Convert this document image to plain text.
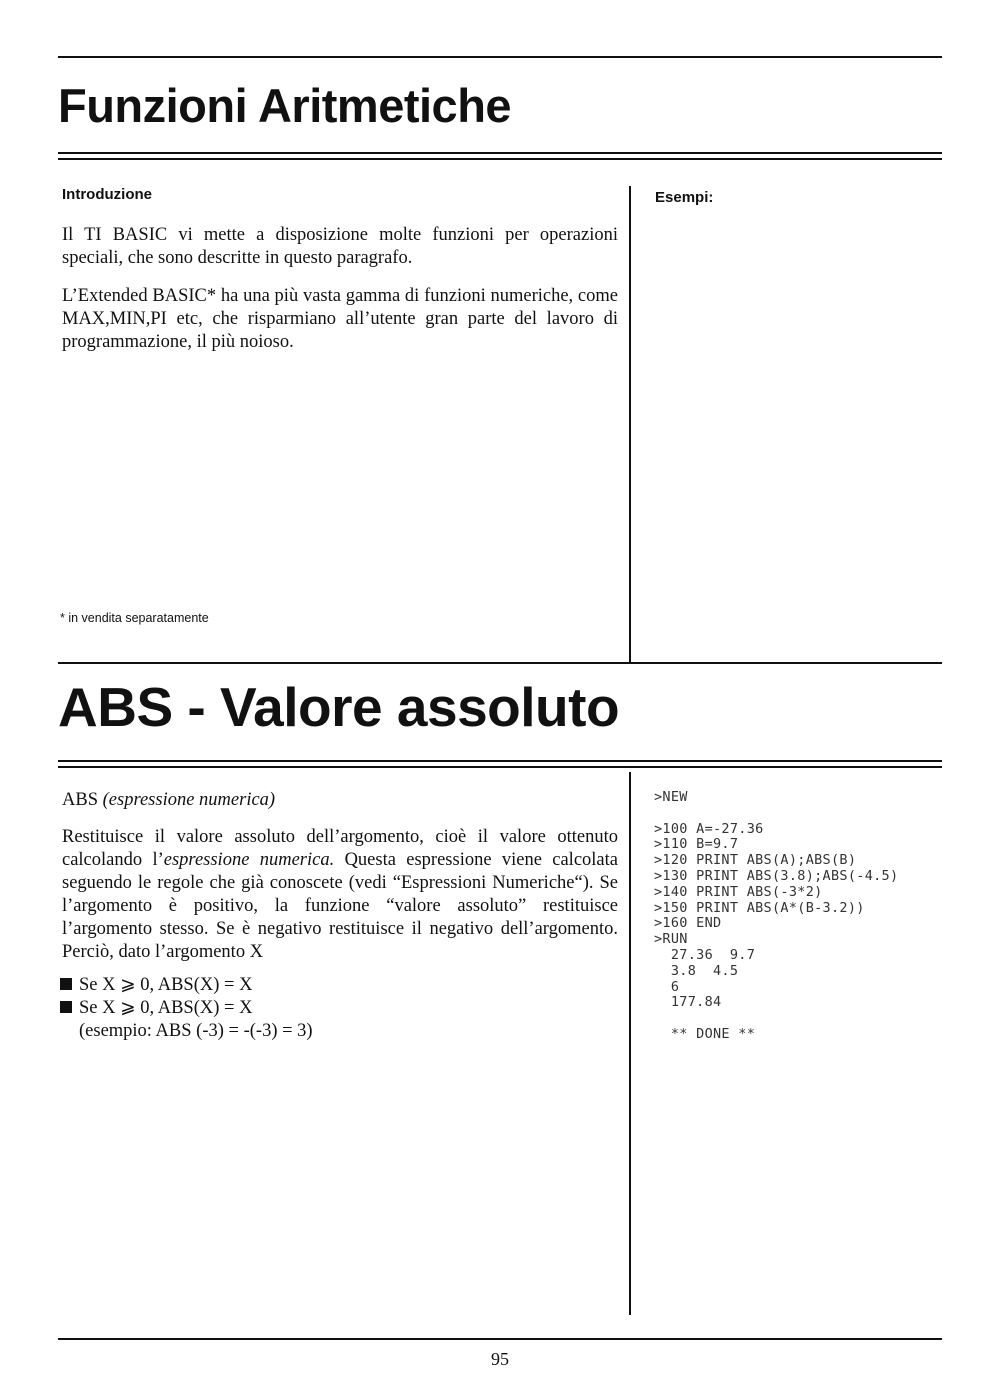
Funzioni Aritmetiche
Introduzione	Esempi:

Il TI BASIC vi mette a disposizione molte funzioni per operazioni speciali, che sono descritte in questo paragrafo.

L’Extended BASIC* ha una più vasta gamma di funzioni numeriche, come MAX,MIN,PI etc, che risparmiano all’utente gran parte del lavoro di programmazione, il più noioso.

* in vendita separatamente
ABS - Valore assoluto
ABS (espressione numerica)

Restituisce il valore assoluto dell’argomento, cioè il valore ottenuto calcolando l’espressione numerica. Questa espressione viene calcolata seguendo le regole che già conoscete (vedi “Espressioni Numeriche“). Se l’argomento è positivo, la funzione “valore assoluto” restituisce l’argomento stesso. Se è negativo restituisce il negativo dell’argomento. Perciò, dato l’argomento X

Se X ⩾ 0, ABS(X) = X
Se X ⩾ 0, ABS(X) = X
(esempio: ABS (-3) = -(-3) = 3)
>NEW

>100 A=-27.36
>110 B=9.7
>120 PRINT ABS(A);ABS(B)
>130 PRINT ABS(3.8);ABS(-4.5)
>140 PRINT ABS(-3*2)
>150 PRINT ABS(A*(B-3.2))
>160 END
>RUN
27.36  9.7
3.8  4.5
6
177.84

** DONE **
95
